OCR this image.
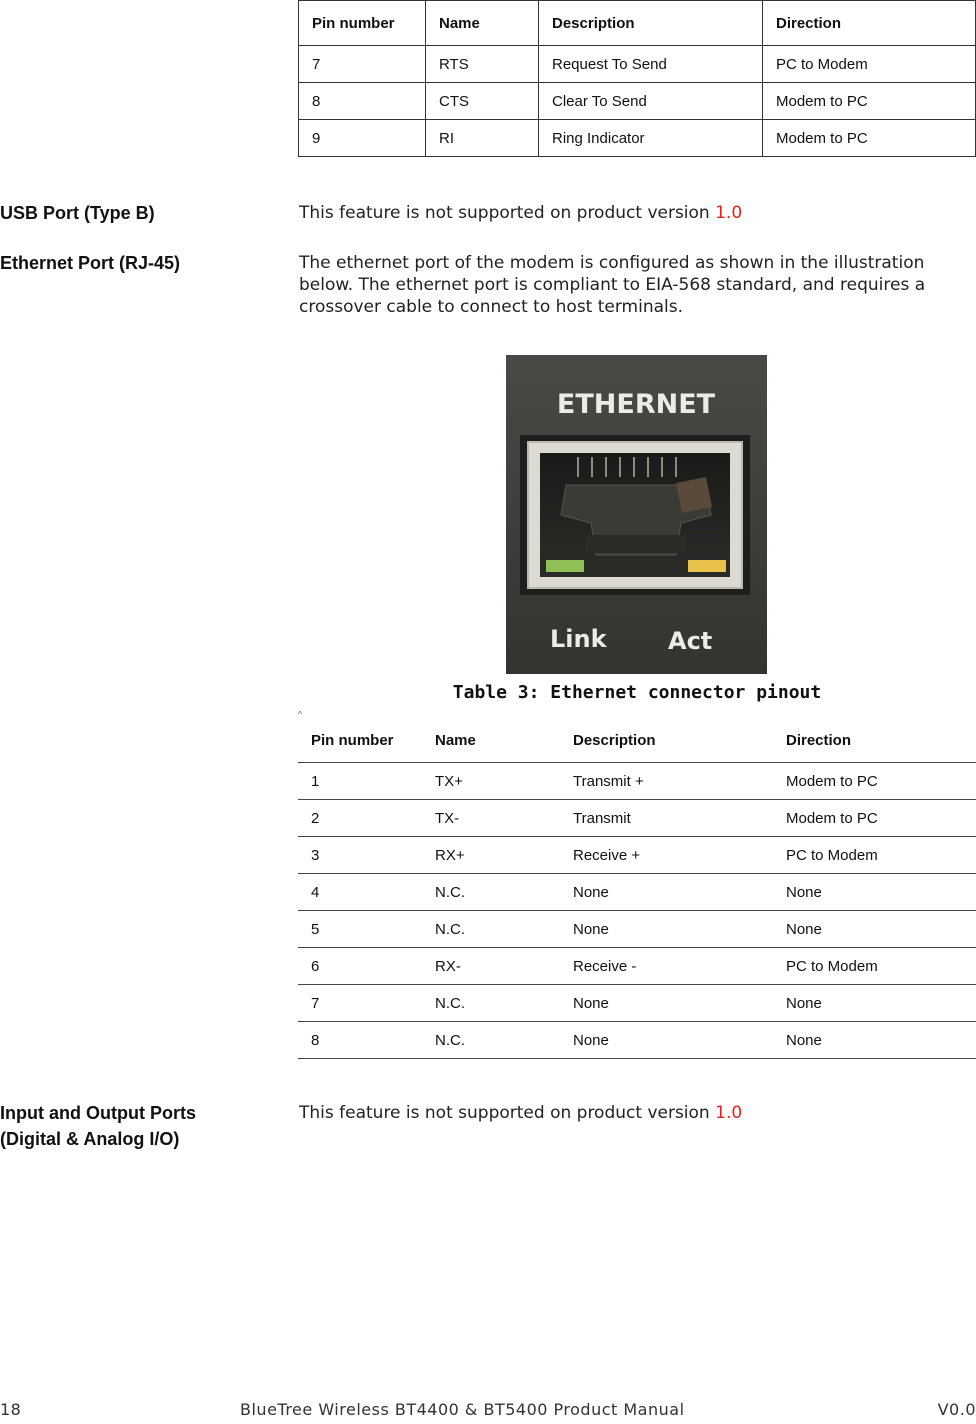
Pin number	Name	Description	Direction
7	RTS	Request To Send	PC to Modem
8	CTS	Clear To Send	Modem to PC
9	RI	Ring Indicator	Modem to PC
USB Port (Type B)	This feature is not supported on product version 1.0
Ethernet Port (RJ-45)	The ethernet port of the modem is configured as shown in the illustration below. The ethernet port is compliant to EIA-568 standard, and requires a crossover cable to connect to host terminals.
ETHERNET
Link	Act
Table 3: Ethernet connector pinout
^
Pin number	Name	Description	Direction
1	TX+	Transmit +	Modem to PC
2	TX-	Transmit	Modem to PC
3	RX+	Receive +	PC to Modem
4	N.C.	None	None
5	N.C.	None	None
6	RX-	Receive -	PC to Modem
7	N.C.	None	None
8	N.C.	None	None
Input and Output Ports
(Digital & Analog I/O)
This feature is not supported on product version 1.0
18	BlueTree Wireless BT4400 & BT5400 Product Manual	V0.0
